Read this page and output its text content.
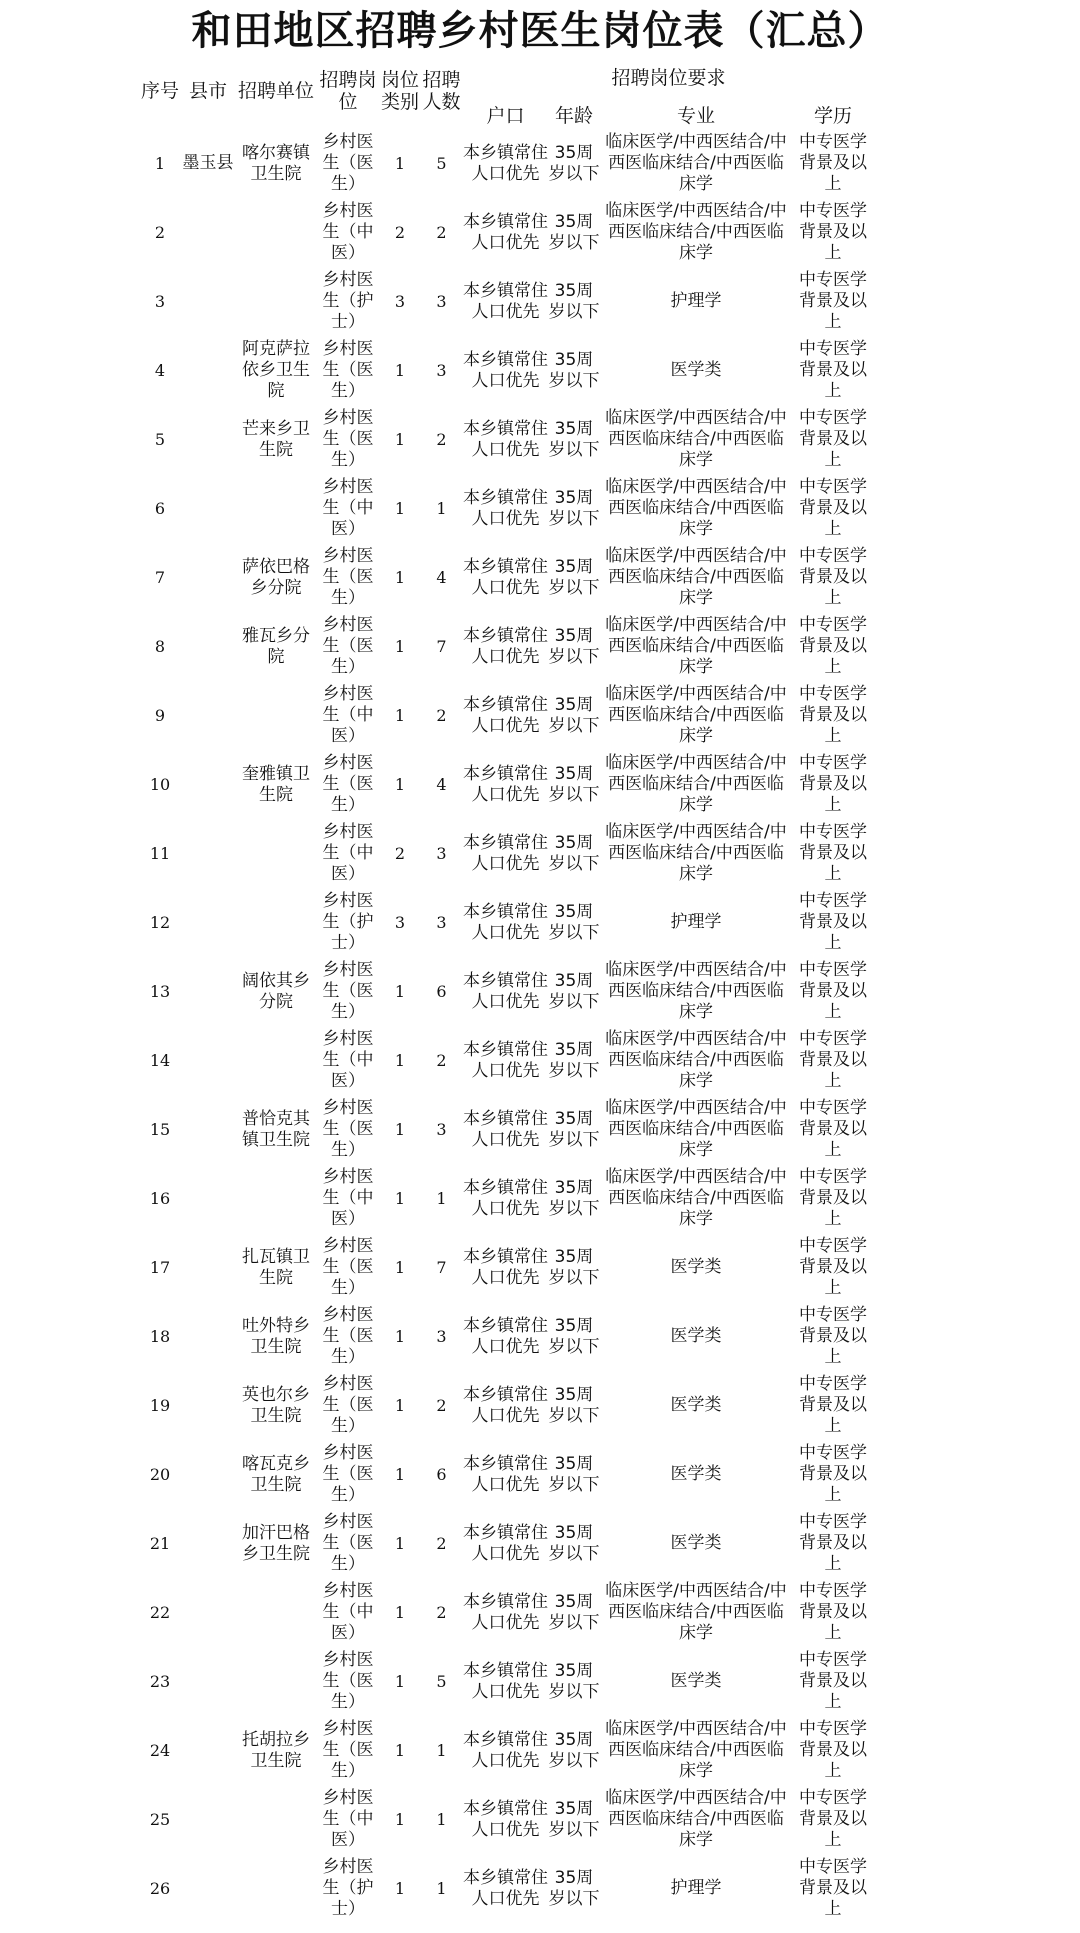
和田地区招聘乡村医生岗位表（汇总）
序号	县市	招聘单位	招聘岗位	岗位类别	招聘人数	招聘岗位要求			
						户口	年龄	专业	学历
1	墨玉县	喀尔赛镇卫生院	乡村医生（医生）	1	5	本乡镇常住人口优先	35周岁以下	临床医学/中西医结合/中西医临床结合/中西医临床学	中专医学背景及以上
2			乡村医生（中医）	2	2	本乡镇常住人口优先	35周岁以下	临床医学/中西医结合/中西医临床结合/中西医临床学	中专医学背景及以上
3			乡村医生（护士）	3	3	本乡镇常住人口优先	35周岁以下	护理学	中专医学背景及以上
4		阿克萨拉依乡卫生院	乡村医生（医生）	1	3	本乡镇常住人口优先	35周岁以下	医学类	中专医学背景及以上
5		芒来乡卫生院	乡村医生（医生）	1	2	本乡镇常住人口优先	35周岁以下	临床医学/中西医结合/中西医临床结合/中西医临床学	中专医学背景及以上
6			乡村医生（中医）	1	1	本乡镇常住人口优先	35周岁以下	临床医学/中西医结合/中西医临床结合/中西医临床学	中专医学背景及以上
7		萨依巴格乡分院	乡村医生（医生）	1	4	本乡镇常住人口优先	35周岁以下	临床医学/中西医结合/中西医临床结合/中西医临床学	中专医学背景及以上
8		雅瓦乡分院	乡村医生（医生）	1	7	本乡镇常住人口优先	35周岁以下	临床医学/中西医结合/中西医临床结合/中西医临床学	中专医学背景及以上
9			乡村医生（中医）	1	2	本乡镇常住人口优先	35周岁以下	临床医学/中西医结合/中西医临床结合/中西医临床学	中专医学背景及以上
10		奎雅镇卫生院	乡村医生（医生）	1	4	本乡镇常住人口优先	35周岁以下	临床医学/中西医结合/中西医临床结合/中西医临床学	中专医学背景及以上
11			乡村医生（中医）	2	3	本乡镇常住人口优先	35周岁以下	临床医学/中西医结合/中西医临床结合/中西医临床学	中专医学背景及以上
12			乡村医生（护士）	3	3	本乡镇常住人口优先	35周岁以下	护理学	中专医学背景及以上
13		阔依其乡分院	乡村医生（医生）	1	6	本乡镇常住人口优先	35周岁以下	临床医学/中西医结合/中西医临床结合/中西医临床学	中专医学背景及以上
14			乡村医生（中医）	1	2	本乡镇常住人口优先	35周岁以下	临床医学/中西医结合/中西医临床结合/中西医临床学	中专医学背景及以上
15		普恰克其镇卫生院	乡村医生（医生）	1	3	本乡镇常住人口优先	35周岁以下	临床医学/中西医结合/中西医临床结合/中西医临床学	中专医学背景及以上
16			乡村医生（中医）	1	1	本乡镇常住人口优先	35周岁以下	临床医学/中西医结合/中西医临床结合/中西医临床学	中专医学背景及以上
17		扎瓦镇卫生院	乡村医生（医生）	1	7	本乡镇常住人口优先	35周岁以下	医学类	中专医学背景及以上
18		吐外特乡卫生院	乡村医生（医生）	1	3	本乡镇常住人口优先	35周岁以下	医学类	中专医学背景及以上
19		英也尔乡卫生院	乡村医生（医生）	1	2	本乡镇常住人口优先	35周岁以下	医学类	中专医学背景及以上
20		喀瓦克乡卫生院	乡村医生（医生）	1	6	本乡镇常住人口优先	35周岁以下	医学类	中专医学背景及以上
21		加汗巴格乡卫生院	乡村医生（医生）	1	2	本乡镇常住人口优先	35周岁以下	医学类	中专医学背景及以上
22			乡村医生（中医）	1	2	本乡镇常住人口优先	35周岁以下	临床医学/中西医结合/中西医临床结合/中西医临床学	中专医学背景及以上
23			乡村医生（医生）	1	5	本乡镇常住人口优先	35周岁以下	医学类	中专医学背景及以上
24		托胡拉乡卫生院	乡村医生（医生）	1	1	本乡镇常住人口优先	35周岁以下	临床医学/中西医结合/中西医临床结合/中西医临床学	中专医学背景及以上
25			乡村医生（中医）	1	1	本乡镇常住人口优先	35周岁以下	临床医学/中西医结合/中西医临床结合/中西医临床学	中专医学背景及以上
26			乡村医生（护士）	1	1	本乡镇常住人口优先	35周岁以下	护理学	中专医学背景及以上
